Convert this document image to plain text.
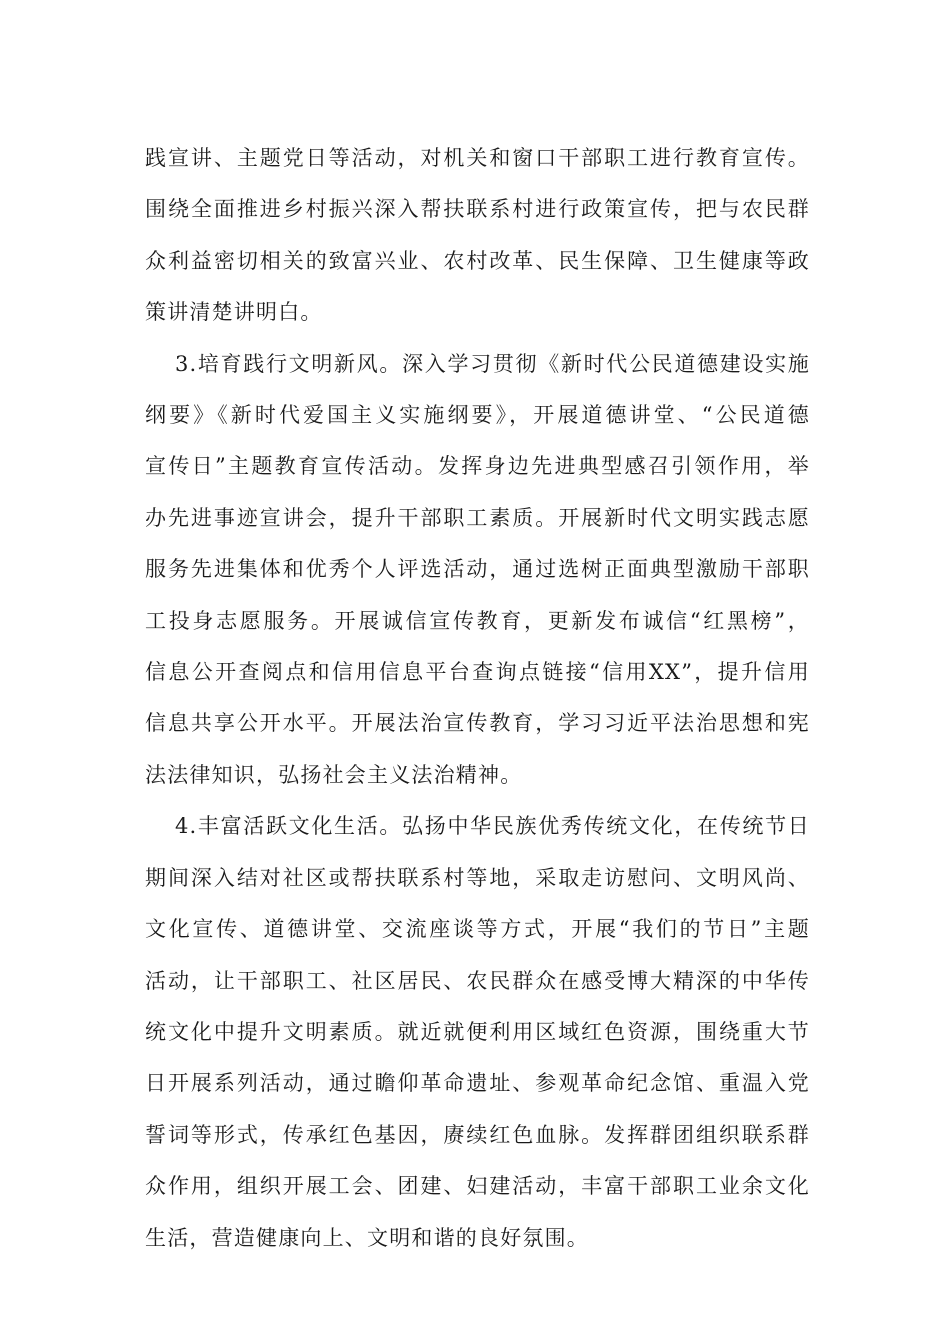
践宣讲、主题党日等活动，对机关和窗口干部职工进行教育宣传。
围绕全面推进乡村振兴深入帮扶联系村进行政策宣传，把与农民群
众利益密切相关的致富兴业、农村改革、民生保障、卫生健康等政
策讲清楚讲明白。
3.培育践行文明新风。深入学习贯彻《新时代公民道德建设实施
纲要》《新时代爱国主义实施纲要》，开展道德讲堂、“公民道德
宣传日”主题教育宣传活动。发挥身边先进典型感召引领作用，举
办先进事迹宣讲会，提升干部职工素质。开展新时代文明实践志愿
服务先进集体和优秀个人评选活动，通过选树正面典型激励干部职
工投身志愿服务。开展诚信宣传教育，更新发布诚信“红黑榜”，
信息公开查阅点和信用信息平台查询点链接“信用XX”，提升信用
信息共享公开水平。开展法治宣传教育，学习习近平法治思想和宪
法法律知识，弘扬社会主义法治精神。
4.丰富活跃文化生活。弘扬中华民族优秀传统文化，在传统节日
期间深入结对社区或帮扶联系村等地，采取走访慰问、文明风尚、
文化宣传、道德讲堂、交流座谈等方式，开展“我们的节日”主题
活动，让干部职工、社区居民、农民群众在感受博大精深的中华传
统文化中提升文明素质。就近就便利用区域红色资源，围绕重大节
日开展系列活动，通过瞻仰革命遗址、参观革命纪念馆、重温入党
誓词等形式，传承红色基因，赓续红色血脉。发挥群团组织联系群
众作用，组织开展工会、团建、妇建活动，丰富干部职工业余文化
生活，营造健康向上、文明和谐的良好氛围。
